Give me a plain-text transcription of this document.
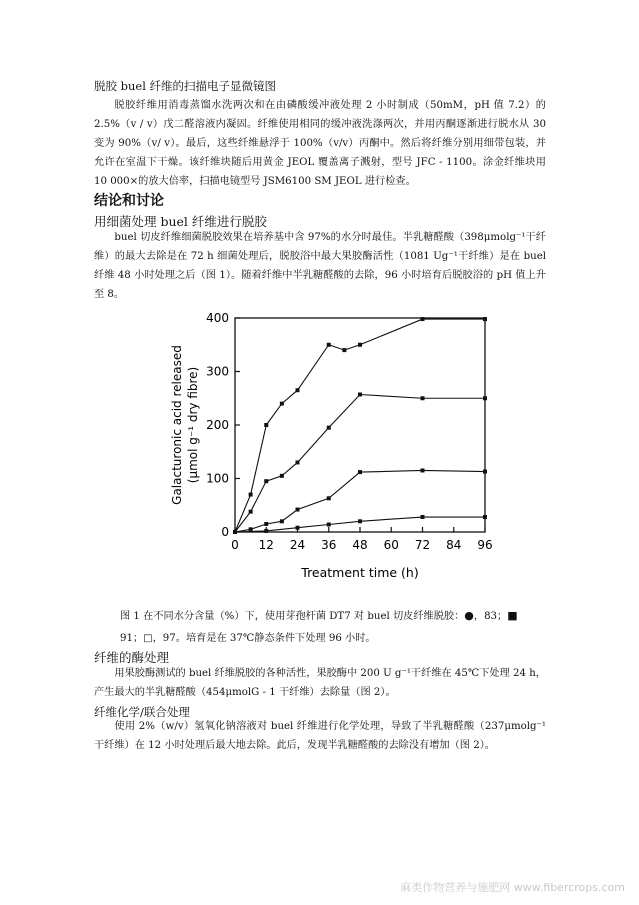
脱胶 buel 纤维的扫描电子显微镜图
脱胶纤维用消毒蒸馏水洗两次和在由磷酸缓冲液处理 2 小时制成（50mM，pH 值 7.2）的 2.5%（v / v）戊二醛溶液内凝固。纤维使用相同的缓冲液洗涤两次，并用丙酮逐渐进行脱水从 30 变为 90%（v/ v）。最后，这些纤维悬浮于 100%（v/v）丙酮中。然后将纤维分别用细带包装，并允许在室温下干燥。该纤维块随后用黄金 JEOL 覆盖离子溅射，型号 JFC - 1100。涂金纤维块用 10 000×的放大倍率，扫描电镜型号 JSM6100 SM JEOL 进行检查。
结论和讨论
用细菌处理 buel 纤维进行脱胶
buel 切皮纤维细菌脱胶效果在培养基中含 97%的水分时最佳。半乳糖醛酸（398μmolg⁻¹干纤维）的最大去除是在 72 h 细菌处理后，脱胶浴中最大果胶酶活性（1081 Ug⁻¹干纤维）是在 buel 纤维 48 小时处理之后（图 1）。随着纤维中半乳糖醛酸的去除，96 小时培育后脱胶浴的 pH 值上升至 8。
0 12 24 36 48 60 72 84 96
0
100
200
300
400
Treatment time (h)
Galacturonic acid released (μmol g⁻¹ dry fibre)
图 1 在不同水分含量（%）下，使用芽孢杆菌 DT7 对 buel 切皮纤维脱胶：●，83；■
91；□，97。培育是在 37℃静态条件下处理 96 小时。
纤维的酶处理
用果胶酶测试的 buel 纤维脱胶的各种活性，果胶酶中 200 U g⁻¹干纤维在 45℃下处理 24 h，产生最大的半乳糖醛酸（454μmolG - 1 干纤维）去除量（图 2）。
纤维化学/联合处理
使用 2%（w/v）氢氧化钠溶液对 buel 纤维进行化学处理，导致了半乳糖醛酸（237μmolg⁻¹干纤维）在 12 小时处理后最大地去除。此后，发现半乳糖醛酸的去除没有增加（图 2）。
麻类作物营养与施肥网 www.fibercrops.com
